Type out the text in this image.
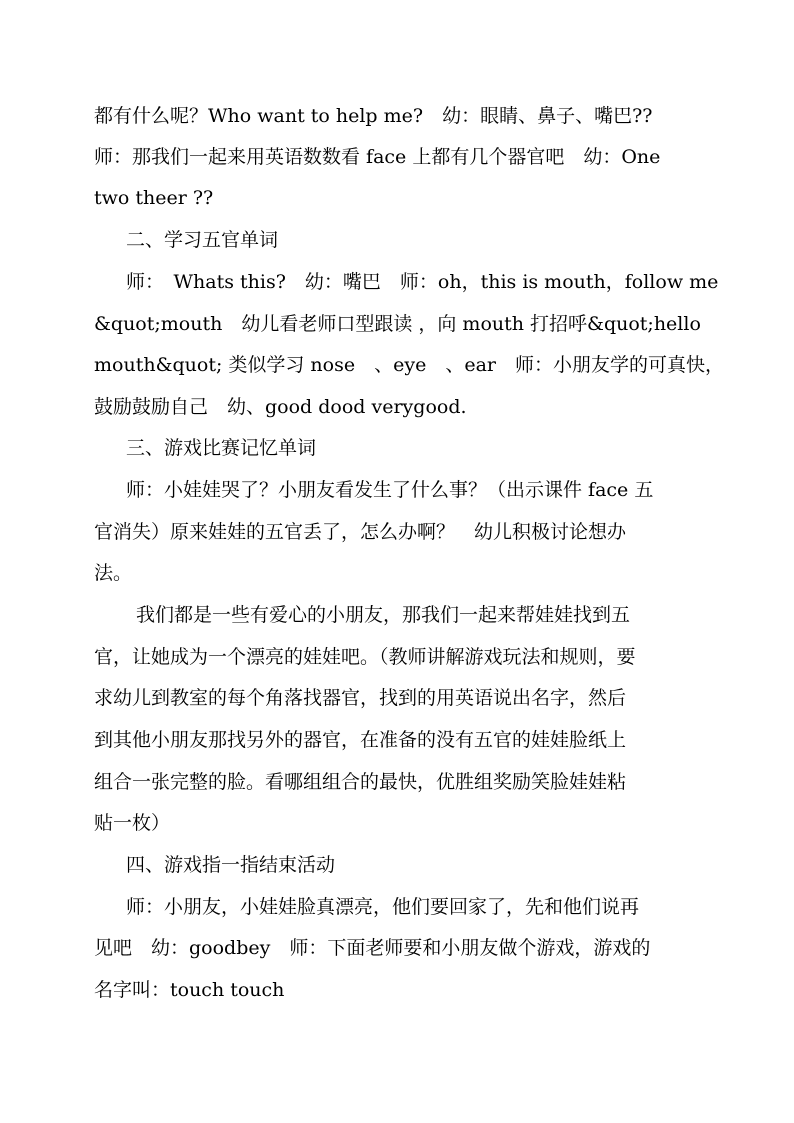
都有什么呢？Who want to help me?　幼：眼睛、鼻子、嘴巴??
师：那我们一起来用英语数数看 face 上都有几个器官吧　幼：One
two theer ??
二、学习五官单词
师：　Whats this?　幼：嘴巴　师：oh，this is mouth，follow me
&quot;mouth　幼儿看老师口型跟读 ，向 mouth 打招呼&quot;hello
mouth&quot; 类似学习 nose　、eye　、ear　师：小朋友学的可真快，
鼓励鼓励自己　幼、good dood verygood.
三、游戏比赛记忆单词
师：小娃娃哭了？小朋友看发生了什么事？（出示课件 face 五
官消失）原来娃娃的五官丢了，怎么办啊？　幼儿积极讨论想办
法。
我们都是一些有爱心的小朋友，那我们一起来帮娃娃找到五
官，让她成为一个漂亮的娃娃吧。（教师讲解游戏玩法和规则，要
求幼儿到教室的每个角落找器官，找到的用英语说出名字，然后
到其他小朋友那找另外的器官，在准备的没有五官的娃娃脸纸上
组合一张完整的脸。看哪组组合的最快，优胜组奖励笑脸娃娃粘
贴一枚）
四、游戏指一指结束活动
师：小朋友，小娃娃脸真漂亮，他们要回家了，先和他们说再
见吧　幼：goodbey　师：下面老师要和小朋友做个游戏，游戏的
名字叫：touch touch
